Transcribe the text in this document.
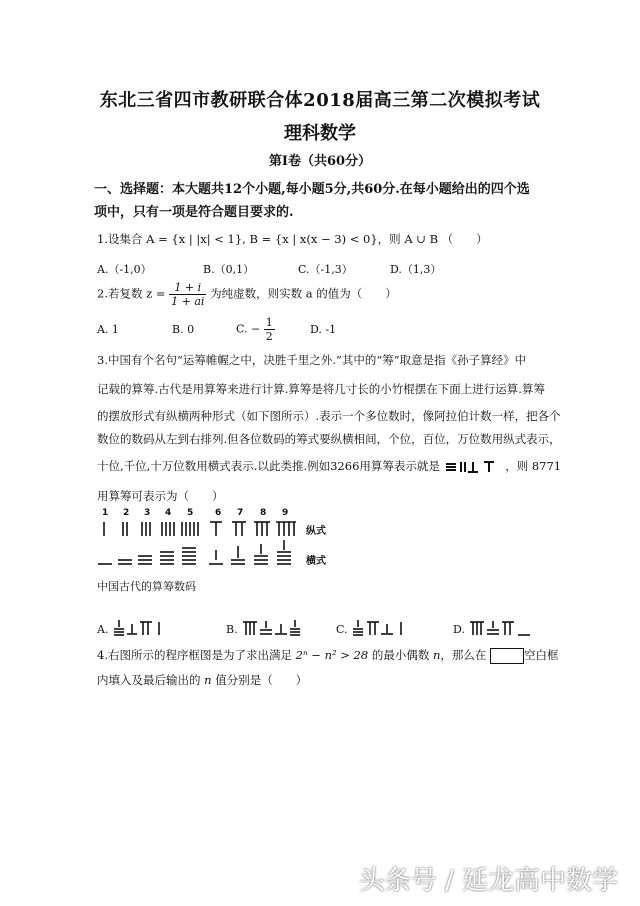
东北三省四市教研联合体2018届高三第二次模拟考试
理科数学
第Ⅰ卷（共60分）
一、选择题：本大题共12个小题,每小题5分,共60分.在每小题给出的四个选
项中，只有一项是符合题目要求的.
1.设集合 A = {x | |x| < 1}, B = {x | x(x − 3) < 0}，则 A ∪ B （　　）
A.（-1,0）	B.（0,1）	C.（-1,3）	D.（1,3）
2.若复数 $z = \frac{1 + i}{1 + ai}$ 为纯虚数，则实数 a 的值为（　　）
A. 1	B. 0	C. − $\frac{1}{2}$	D. -1
3.中国有个名句“运筹帷幄之中，决胜千里之外.”其中的“筹”取意是指《孙子算经》中
记载的算筹.古代是用算筹来进行计算.算筹是将几寸长的小竹棍摆在下面上进行运算.算筹
的摆放形式有纵横两种形式（如下图所示）.表示一个多位数时，像阿拉伯计数一样，把各个
数位的数码从左到右排列.但各位数码的筹式要纵横相间，个位，百位，万位数用纵式表示，
十位,千位,十万位数用横式表示.以此类推.例如3266用算筹表示就是	，则 8771
用算筹可表示为（　　）
1 2 3 4 5 6 7 8 9
纵式
横式
中国古代的算筹数码
A.	B.	C.	D.
4.右图所示的程序框图是为了求出满足 2ⁿ − n² > 28 的最小偶数 n，那么在	空白框
内填入及最后输出的 n 值分别是（　　）
头条号 / 延龙高中数学
